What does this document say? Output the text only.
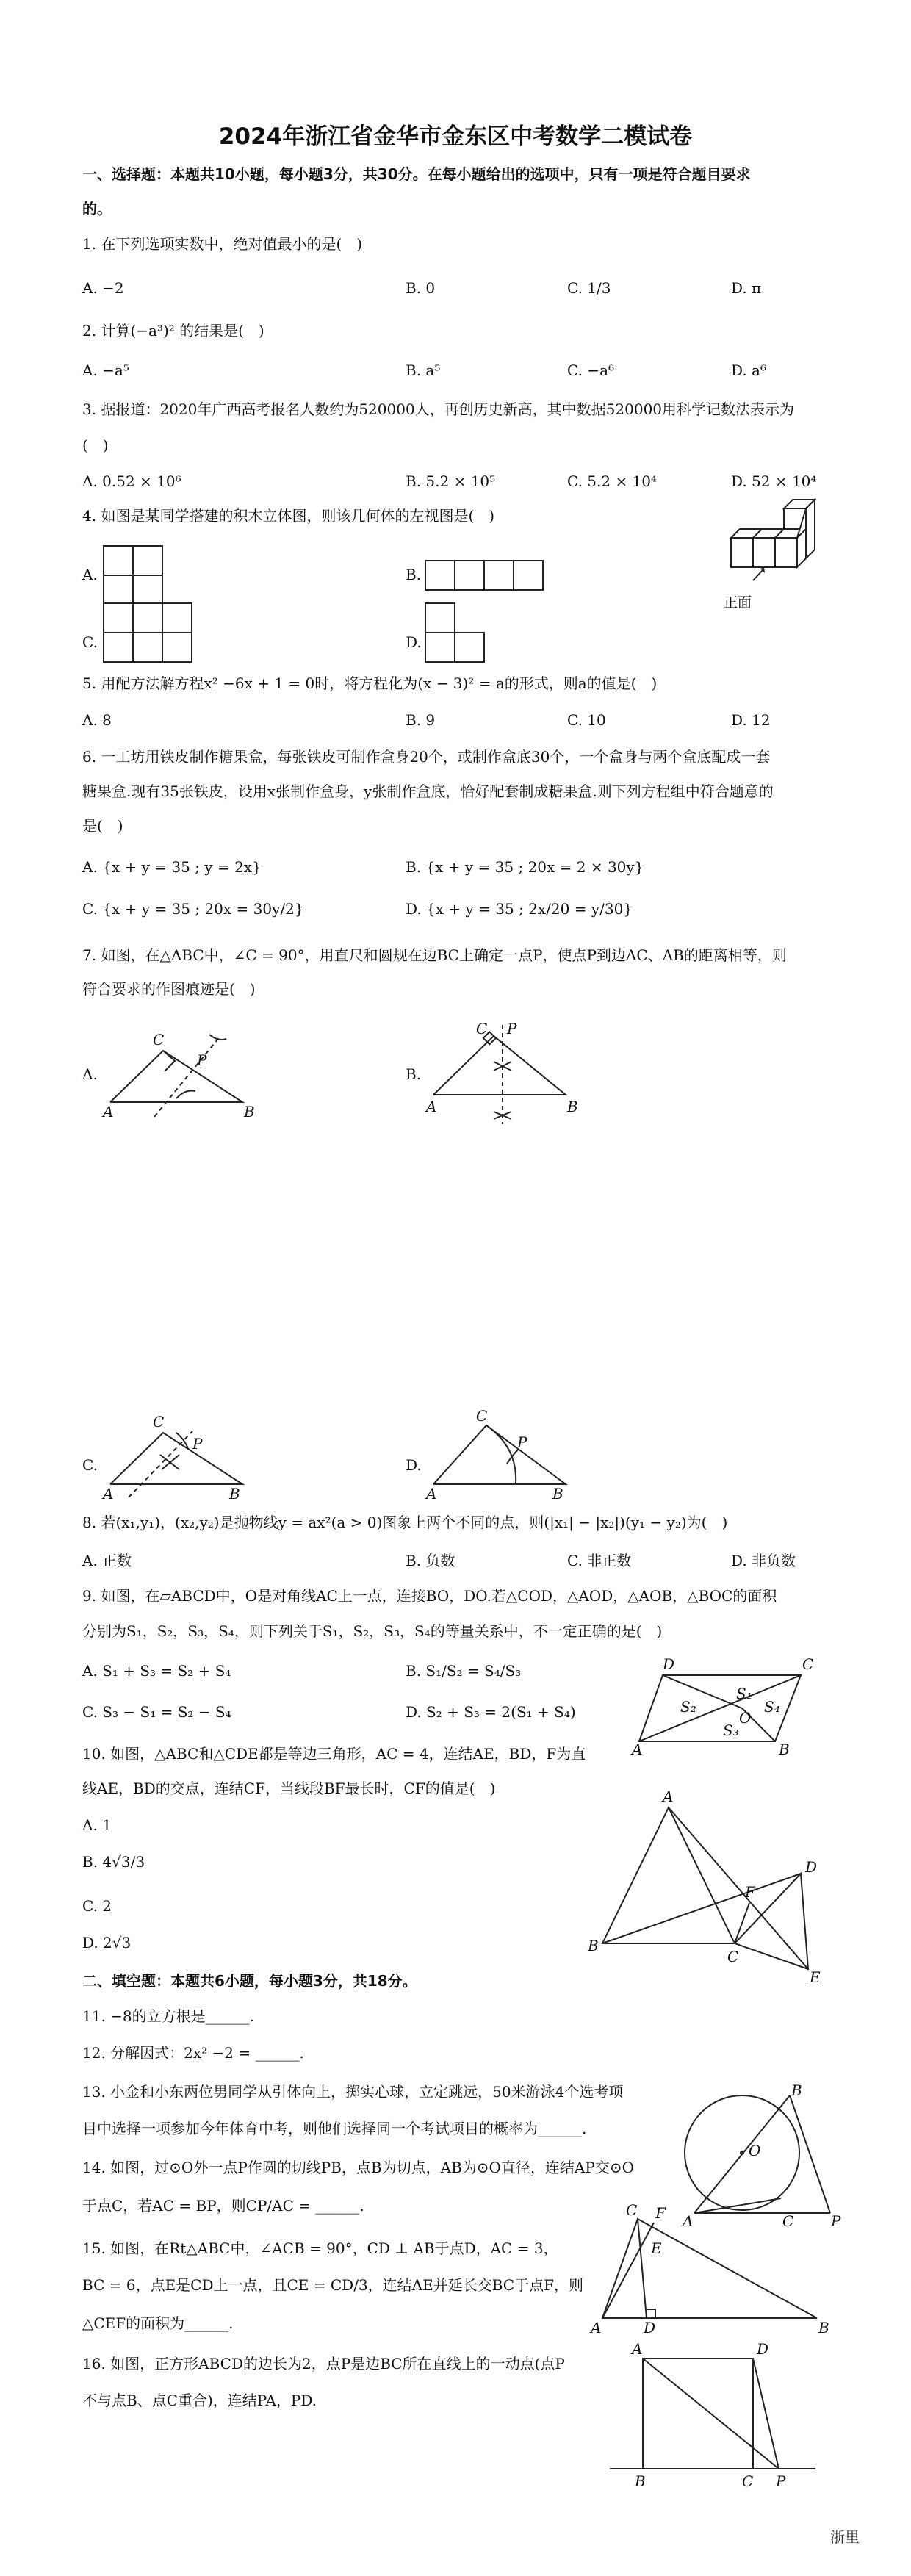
2024年浙江省金华市金东区中考数学二模试卷
一、选择题：本题共10小题，每小题3分，共30分。在每小题给出的选项中，只有一项是符合题目要求
的。
1. 在下列选项实数中，绝对值最小的是(　)
A. −2	B. 0	C. 1/3	D. π
2. 计算(−a³)² 的结果是(　)
A. −a⁵	B. a⁵	C. −a⁶	D. a⁶
3. 据报道：2020年广西高考报名人数约为520000人，再创历史新高，其中数据520000用科学记数法表示为
(　)
A. 0.52 × 10⁶	B. 5.2 × 10⁵	C. 5.2 × 10⁴	D. 52 × 10⁴
4. 如图是某同学搭建的积木立体图，则该几何体的左视图是(　)
A.	B.
C.	D.
正面
5. 用配方法解方程x² −6x + 1 = 0时，将方程化为(x − 3)² = a的形式，则a的值是(　)
A. 8	B. 9	C. 10	D. 12
6. 一工坊用铁皮制作糖果盒，每张铁皮可制作盒身20个，或制作盒底30个，一个盒身与两个盒底配成一套
糖果盒.现有35张铁皮，设用x张制作盒身，y张制作盒底，恰好配套制成糖果盒.则下列方程组中符合题意的
是(　)
A. {x + y = 35 ; y = 2x}	B. {x + y = 35 ; 20x = 2 × 30y}
C. {x + y = 35 ; 20x = 30y/2}	D. {x + y = 35 ; 2x/20 = y/30}
7. 如图，在△ABC中，∠C = 90°，用直尺和圆规在边BC上确定一点P，使点P到边AC、AB的距离相等，则
符合要求的作图痕迹是(　)
A.
C
P
A	B
B.
C P
A	B
C.
C
P
A	B
D.
C
P
A	B
8. 若(x₁,y₁)，(x₂,y₂)是抛物线y = ax²(a > 0)图象上两个不同的点，则(|x₁| − |x₂|)(y₁ − y₂)为(　)
A. 正数	B. 负数	C. 非正数	D. 非负数
9. 如图，在▱ABCD中，O是对角线AC上一点，连接BO，DO.若△COD，△AOD，△AOB，△BOC的面积
分别为S₁，S₂，S₃，S₄，则下列关于S₁，S₂，S₃，S₄的等量关系中，不一定正确的是(　)
A. S₁ + S₃ = S₂ + S₄	B. S₁/S₂ = S₄/S₃
C. S₃ − S₁ = S₂ − S₄	D. S₂ + S₃ = 2(S₁ + S₄)
D	C
A	B
O
S₂
S₁
S₄
S₃
10. 如图，△ABC和△CDE都是等边三角形，AC = 4，连结AE，BD，F为直
线AE，BD的交点，连结CF，当线段BF最长时，CF的值是(　)
A. 1
B. 4√3/3
C. 2
D. 2√3
A
B
C
D
E
F
二、填空题：本题共6小题，每小题3分，共18分。
11. −8的立方根是______.
12. 分解因式：2x² −2 = ______.
13. 小金和小东两位男同学从引体向上，掷实心球，立定跳远，50米游泳4个选考项
目中选择一项参加今年体育中考，则他们选择同一个考试项目的概率为______.
O
B
A	C	P
14. 如图，过⊙O外一点P作圆的切线PB，点B为切点，AB为⊙O直径，连结AP交⊙O
于点C，若AC = BP，则CP/AC = ______.
15. 如图，在Rt△ABC中，∠ACB = 90°，CD ⊥ AB于点D，AC = 3，
BC = 6，点E是CD上一点，且CE = CD/3，连结AE并延长交BC于点F，则
△CEF的面积为______.
C F
E
A	D	B
16. 如图，正方形ABCD的边长为2，点P是边BC所在直线上的一动点(点P
不与点B、点C重合)，连结PA，PD.
A	D
B	C P
浙里
